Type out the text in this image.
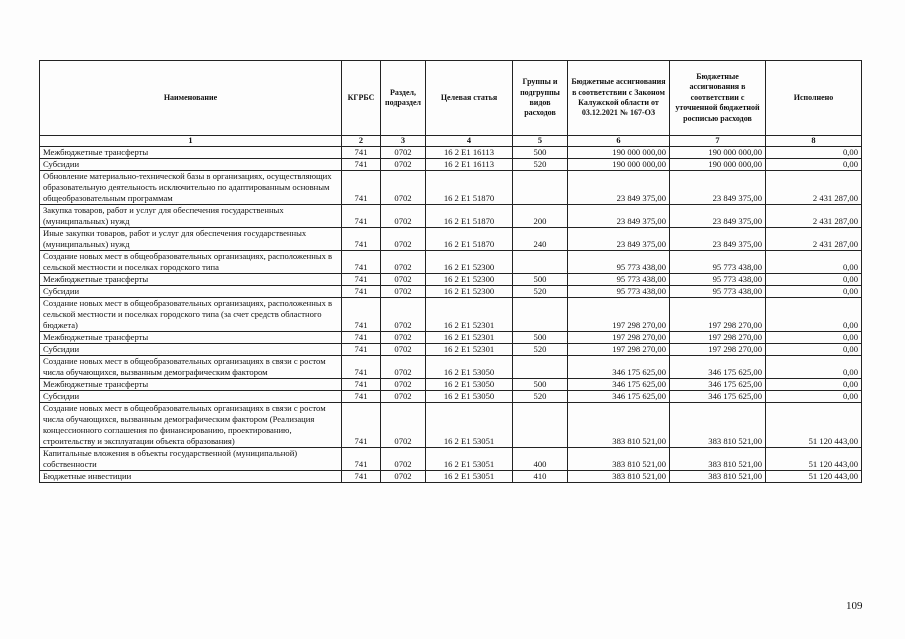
Наименование	КГРБС	Раздел, подраздел	Целевая статья	Группы и подгруппы видов расходов	Бюджетные ассигнования в соответствии с Законом Калужской области от 03.12.2021 № 167-ОЗ	Бюджетные ассигнования в соответствии с уточненной бюджетной росписью расходов	Исполнено
1	2	3	4	5	6	7	8
Межбюджетные трансферты	741	0702	16 2 E1 16113	500	190 000 000,00	190 000 000,00	0,00
Субсидии	741	0702	16 2 E1 16113	520	190 000 000,00	190 000 000,00	0,00
Обновление материально-технической базы в организациях, осуществляющих образовательную деятельность исключительно по адаптированным основным общеобразовательным программам	741	0702	16 2 E1 51870		23 849 375,00	23 849 375,00	2 431 287,00
Закупка товаров, работ и услуг для обеспечения государственных (муниципальных) нужд	741	0702	16 2 E1 51870	200	23 849 375,00	23 849 375,00	2 431 287,00
Иные закупки товаров, работ и услуг для обеспечения государственных (муниципальных) нужд	741	0702	16 2 E1 51870	240	23 849 375,00	23 849 375,00	2 431 287,00
Создание новых мест в общеобразовательных организациях, расположенных в сельской местности и поселках городского типа	741	0702	16 2 E1 52300		95 773 438,00	95 773 438,00	0,00
Межбюджетные трансферты	741	0702	16 2 E1 52300	500	95 773 438,00	95 773 438,00	0,00
Субсидии	741	0702	16 2 E1 52300	520	95 773 438,00	95 773 438,00	0,00
Создание новых мест в общеобразовательных организациях, расположенных в сельской местности и поселках городского типа (за счет средств областного бюджета)	741	0702	16 2 E1 52301		197 298 270,00	197 298 270,00	0,00
Межбюджетные трансферты	741	0702	16 2 E1 52301	500	197 298 270,00	197 298 270,00	0,00
Субсидии	741	0702	16 2 E1 52301	520	197 298 270,00	197 298 270,00	0,00
Создание новых мест в общеобразовательных организациях в связи с ростом числа обучающихся, вызванным демографическим фактором	741	0702	16 2 E1 53050		346 175 625,00	346 175 625,00	0,00
Межбюджетные трансферты	741	0702	16 2 E1 53050	500	346 175 625,00	346 175 625,00	0,00
Субсидии	741	0702	16 2 E1 53050	520	346 175 625,00	346 175 625,00	0,00
Создание новых мест в общеобразовательных организациях в связи с ростом числа обучающихся, вызванным демографическим фактором (Реализация концессионного соглашения по финансированию, проектированию, строительству и эксплуатации объекта образования)	741	0702	16 2 E1 53051		383 810 521,00	383 810 521,00	51 120 443,00
Капитальные вложения в объекты государственной (муниципальной) собственности	741	0702	16 2 E1 53051	400	383 810 521,00	383 810 521,00	51 120 443,00
Бюджетные инвестиции	741	0702	16 2 E1 53051	410	383 810 521,00	383 810 521,00	51 120 443,00
109
